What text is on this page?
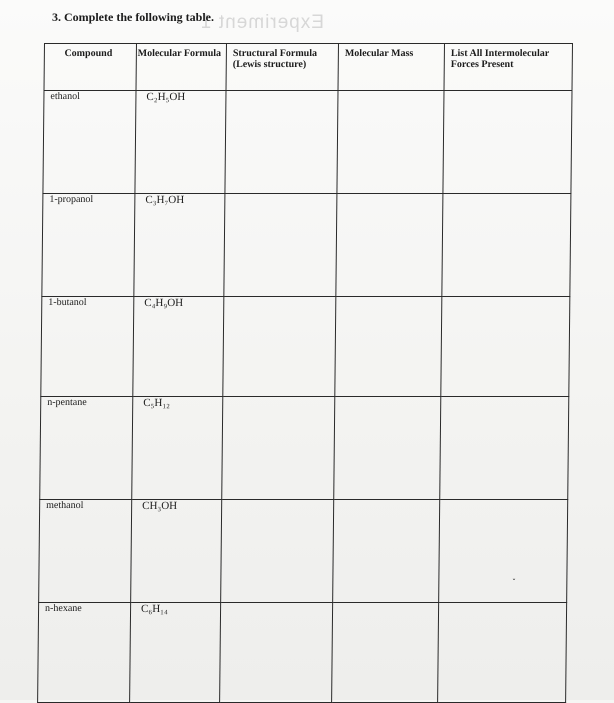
Experiment 1
3. Complete the following table.
Compound	Molecular Formula	Structural Formula (Lewis structure)	Molecular Mass	List All Intermolecular Forces Present
ethanol	C₂H₅OH			
1-propanol	C₃H₇OH			
1-butanol	C₄H₉OH			
n-pentane	C₅H₁₂			
methanol	CH₃OH			
n-hexane	C₆H₁₄			
˯
